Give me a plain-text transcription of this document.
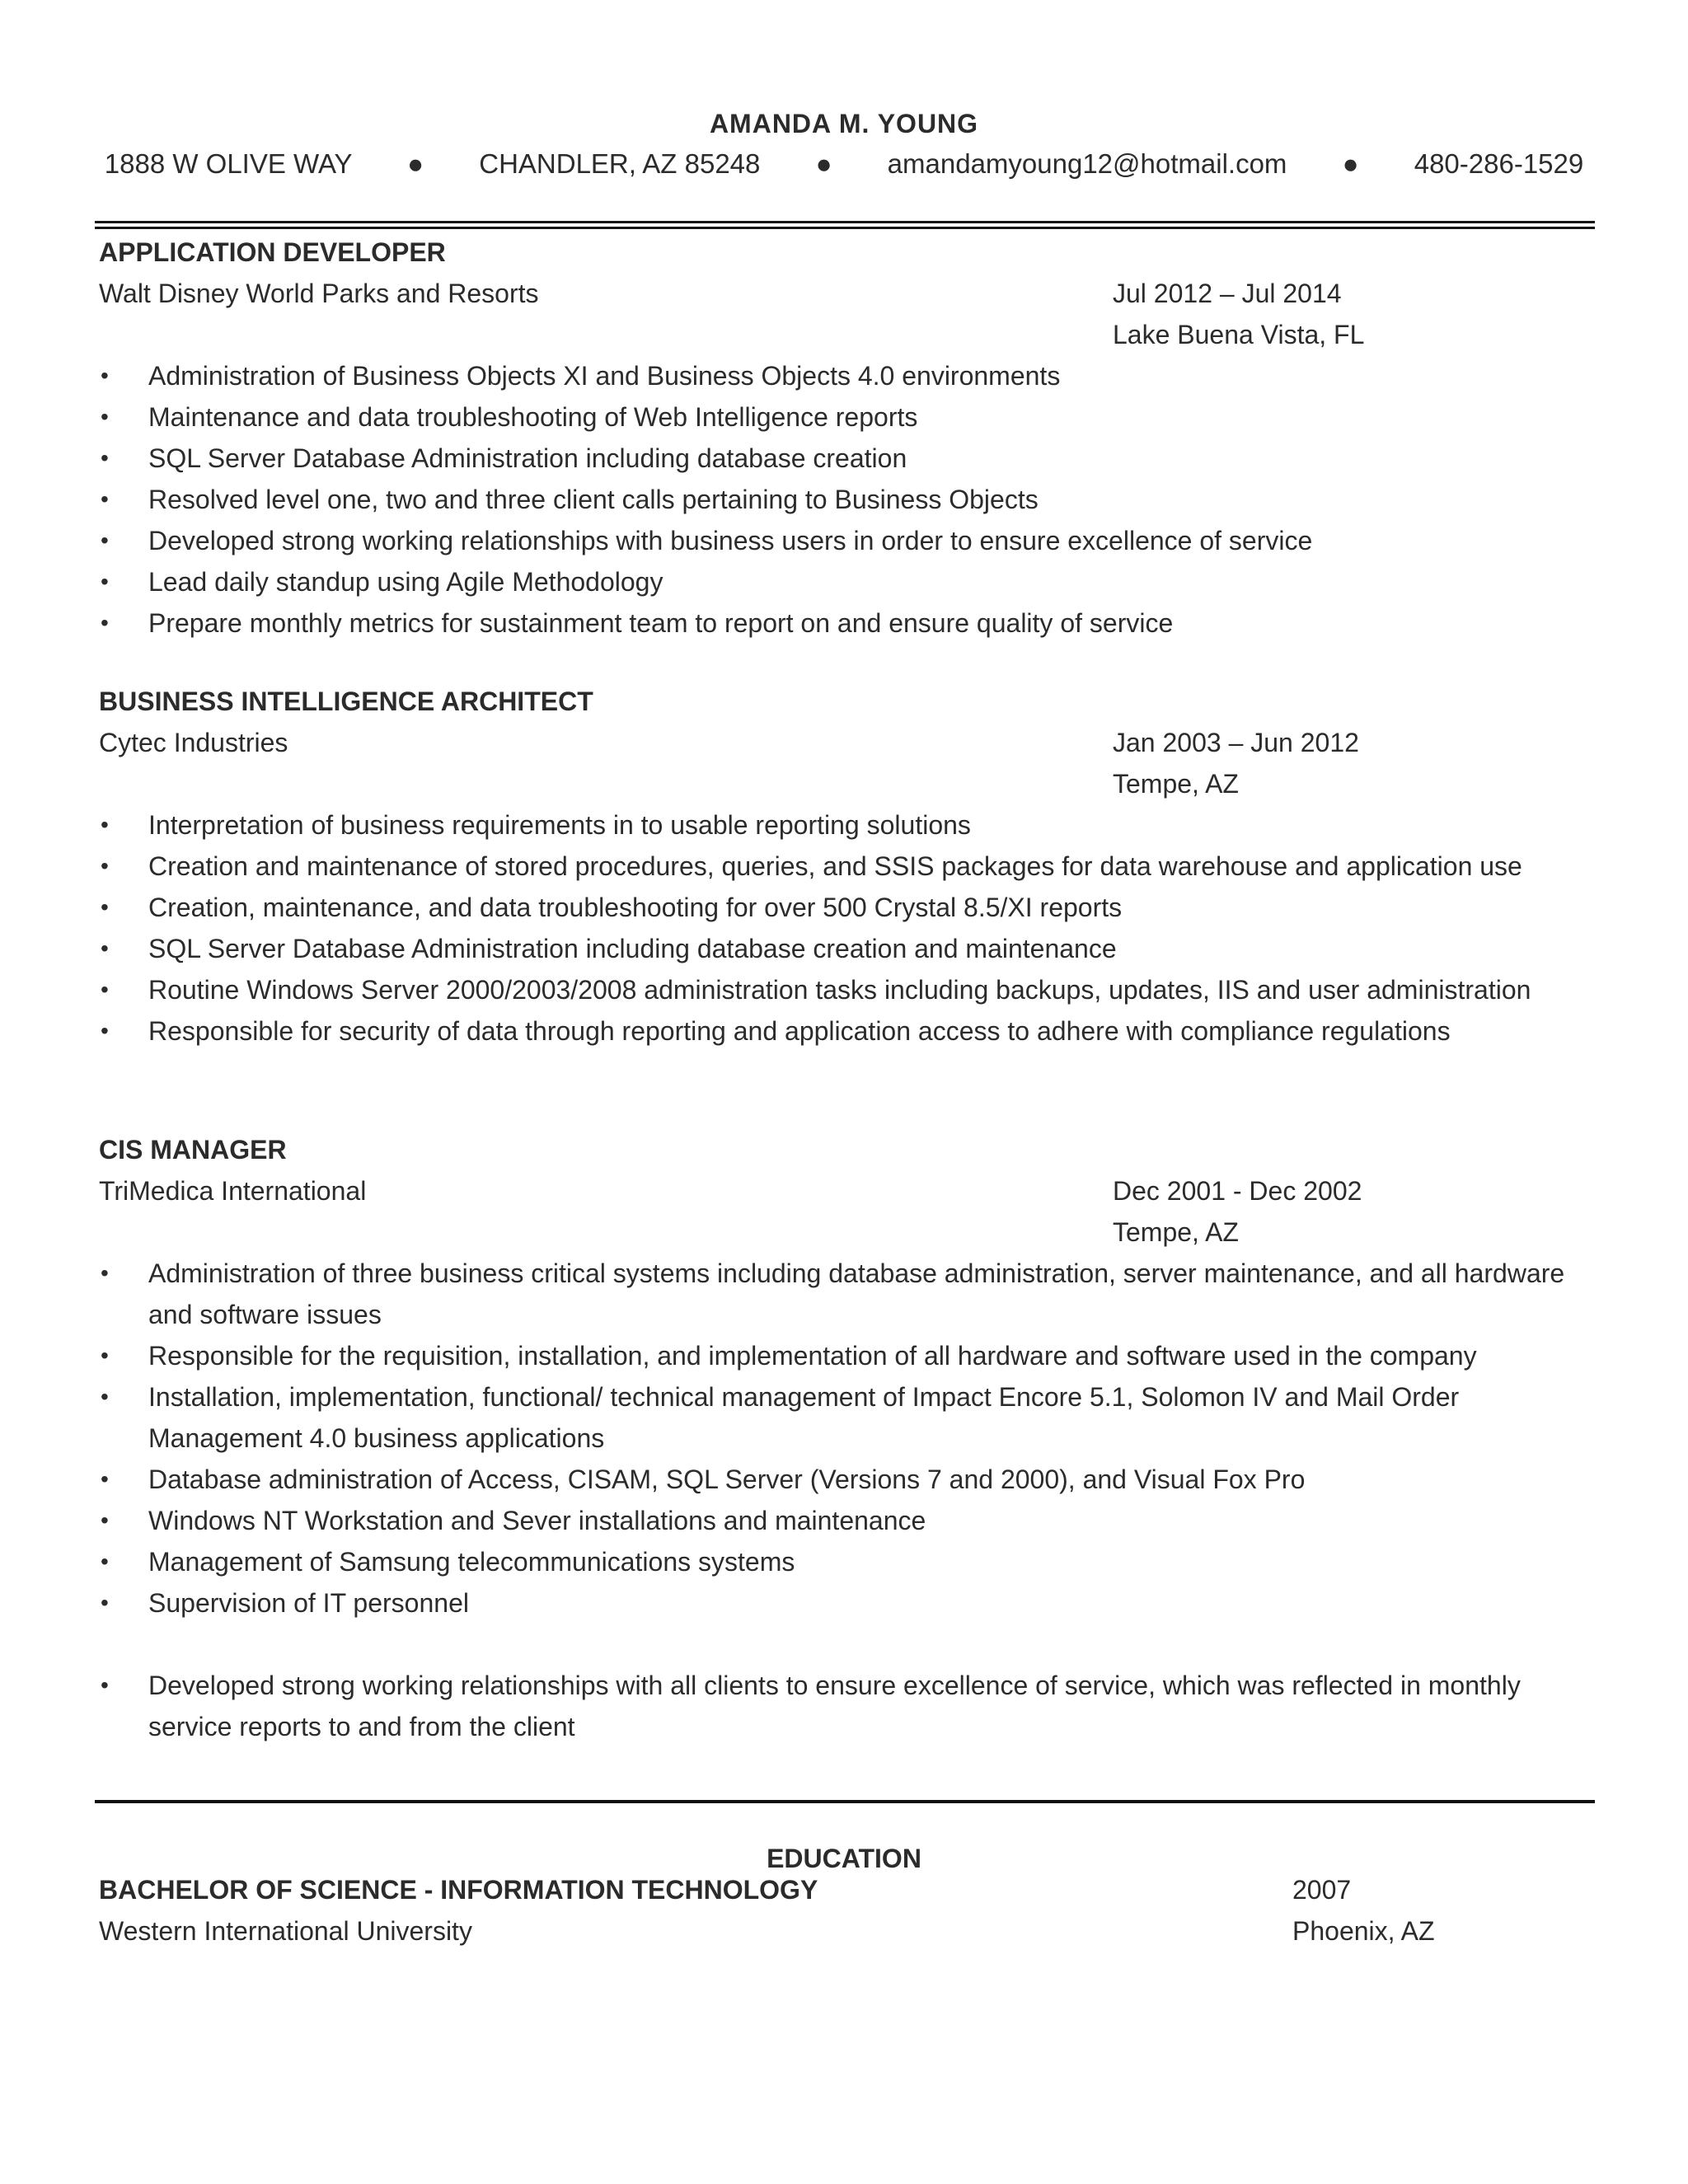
AMANDA M. YOUNG
1888 W OLIVE WAY ● CHANDLER, AZ 85248 ● amandamyoung12@hotmail.com ● 480-286-1529
APPLICATION DEVELOPER
Walt Disney World Parks and Resorts	Jul 2012 – Jul 2014
Lake Buena Vista, FL
• Administration of Business Objects XI and Business Objects 4.0 environments
• Maintenance and data troubleshooting of Web Intelligence reports
• SQL Server Database Administration including database creation
• Resolved level one, two and three client calls pertaining to Business Objects
• Developed strong working relationships with business users in order to ensure excellence of service
• Lead daily standup using Agile Methodology
• Prepare monthly metrics for sustainment team to report on and ensure quality of service
BUSINESS INTELLIGENCE ARCHITECT
Cytec Industries	Jan 2003 – Jun 2012
Tempe, AZ
• Interpretation of business requirements in to usable reporting solutions
• Creation and maintenance of stored procedures, queries, and SSIS packages for data warehouse and application use
• Creation, maintenance, and data troubleshooting for over 500 Crystal 8.5/XI reports
• SQL Server Database Administration including database creation and maintenance
• Routine Windows Server 2000/2003/2008 administration tasks including backups, updates, IIS and user administration
• Responsible for security of data through reporting and application access to adhere with compliance regulations
CIS MANAGER
TriMedica International	Dec 2001 - Dec 2002
Tempe, AZ
• Administration of three business critical systems including database administration, server maintenance, and all hardware and software issues
• Responsible for the requisition, installation, and implementation of all hardware and software used in the company
• Installation, implementation, functional/ technical management of Impact Encore 5.1, Solomon IV and Mail Order Management 4.0 business applications
• Database administration of Access, CISAM, SQL Server (Versions 7 and 2000), and Visual Fox Pro
• Windows NT Workstation and Sever installations and maintenance
• Management of Samsung telecommunications systems
• Supervision of IT personnel
• Developed strong working relationships with all clients to ensure excellence of service, which was reflected in monthly service reports to and from the client
EDUCATION
BACHELOR OF SCIENCE - INFORMATION TECHNOLOGY	2007
Western International University	Phoenix, AZ
